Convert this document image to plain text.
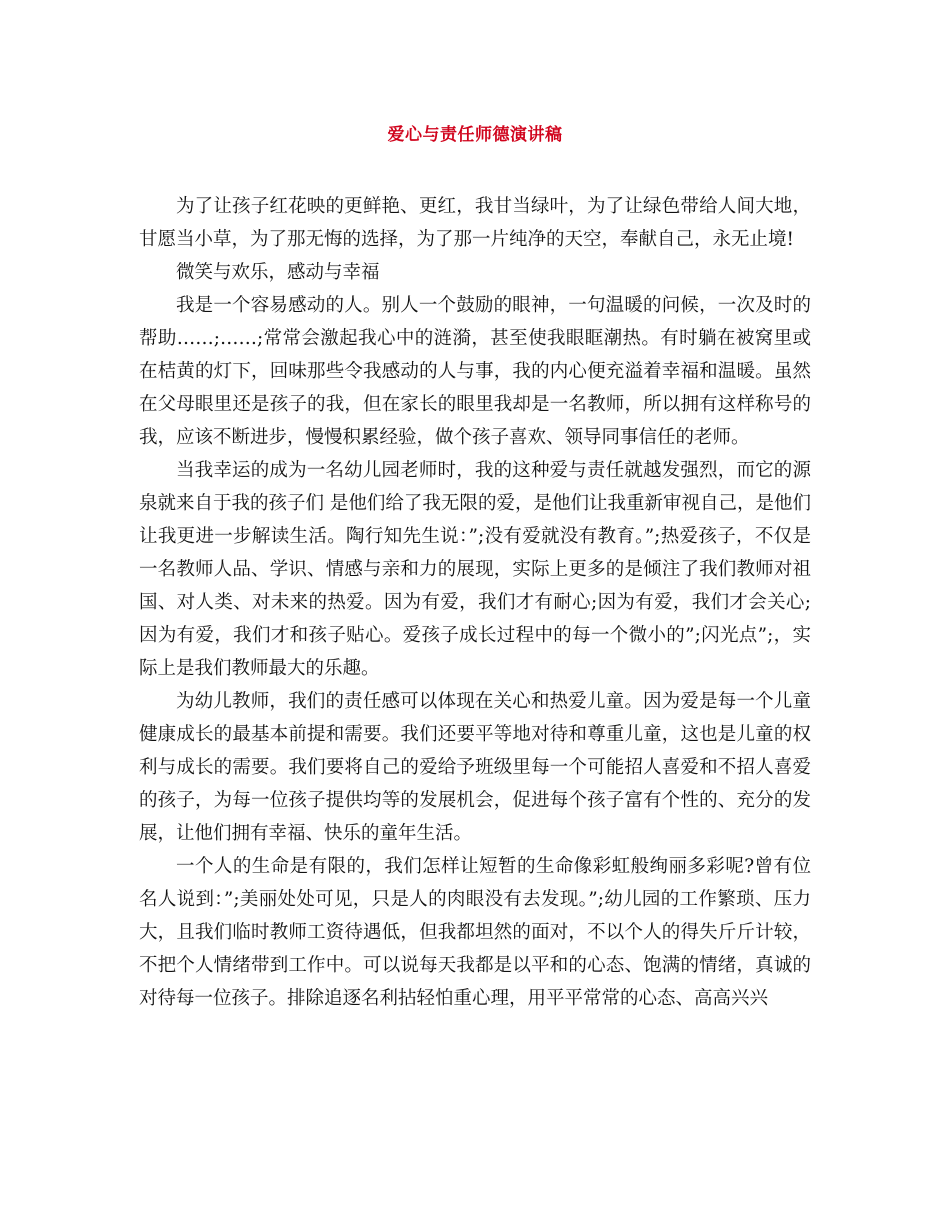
爱心与责任师德演讲稿

为了让孩子红花映的更鲜艳、更红，我甘当绿叶，为了让绿色带给人间大地，甘愿当小草，为了那无悔的选择，为了那一片纯净的天空，奉献自己，永无止境!

微笑与欢乐，感动与幸福

我是一个容易感动的人。别人一个鼓励的眼神，一句温暖的问候，一次及时的帮助……;……;常常会激起我心中的涟漪，甚至使我眼眶潮热。有时躺在被窝里或在桔黄的灯下，回味那些令我感动的人与事，我的内心便充溢着幸福和温暖。虽然在父母眼里还是孩子的我，但在家长的眼里我却是一名教师，所以拥有这样称号的我，应该不断进步，慢慢积累经验，做个孩子喜欢、领导同事信任的老师。

当我幸运的成为一名幼儿园老师时，我的这种爱与责任就越发强烈，而它的源泉就来自于我的孩子们 是他们给了我无限的爱，是他们让我重新审视自己，是他们让我更进一步解读生活。陶行知先生说：”;没有爱就没有教育。”;热爱孩子，不仅是一名教师人品、学识、情感与亲和力的展现，实际上更多的是倾注了我们教师对祖国、对人类、对未来的热爱。因为有爱，我们才有耐心;因为有爱，我们才会关心;因为有爱，我们才和孩子贴心。爱孩子成长过程中的每一个微小的”;闪光点”;，实际上是我们教师最大的乐趣。

为幼儿教师，我们的责任感可以体现在关心和热爱儿童。因为爱是每一个儿童健康成长的最基本前提和需要。我们还要平等地对待和尊重儿童，这也是儿童的权利与成长的需要。我们要将自己的爱给予班级里每一个可能招人喜爱和不招人喜爱的孩子，为每一位孩子提供均等的发展机会，促进每个孩子富有个性的、充分的发展，让他们拥有幸福、快乐的童年生活。

一个人的生命是有限的，我们怎样让短暂的生命像彩虹般绚丽多彩呢?曾有位名人说到：”;美丽处处可见，只是人的肉眼没有去发现。”;幼儿园的工作繁琐、压力大，且我们临时教师工资待遇低，但我都坦然的面对，不以个人的得失斤斤计较，不把个人情绪带到工作中。可以说每天我都是以平和的心态、饱满的情绪，真诚的对待每一位孩子。排除追逐名利拈轻怕重心理，用平平常常的心态、高高兴兴
